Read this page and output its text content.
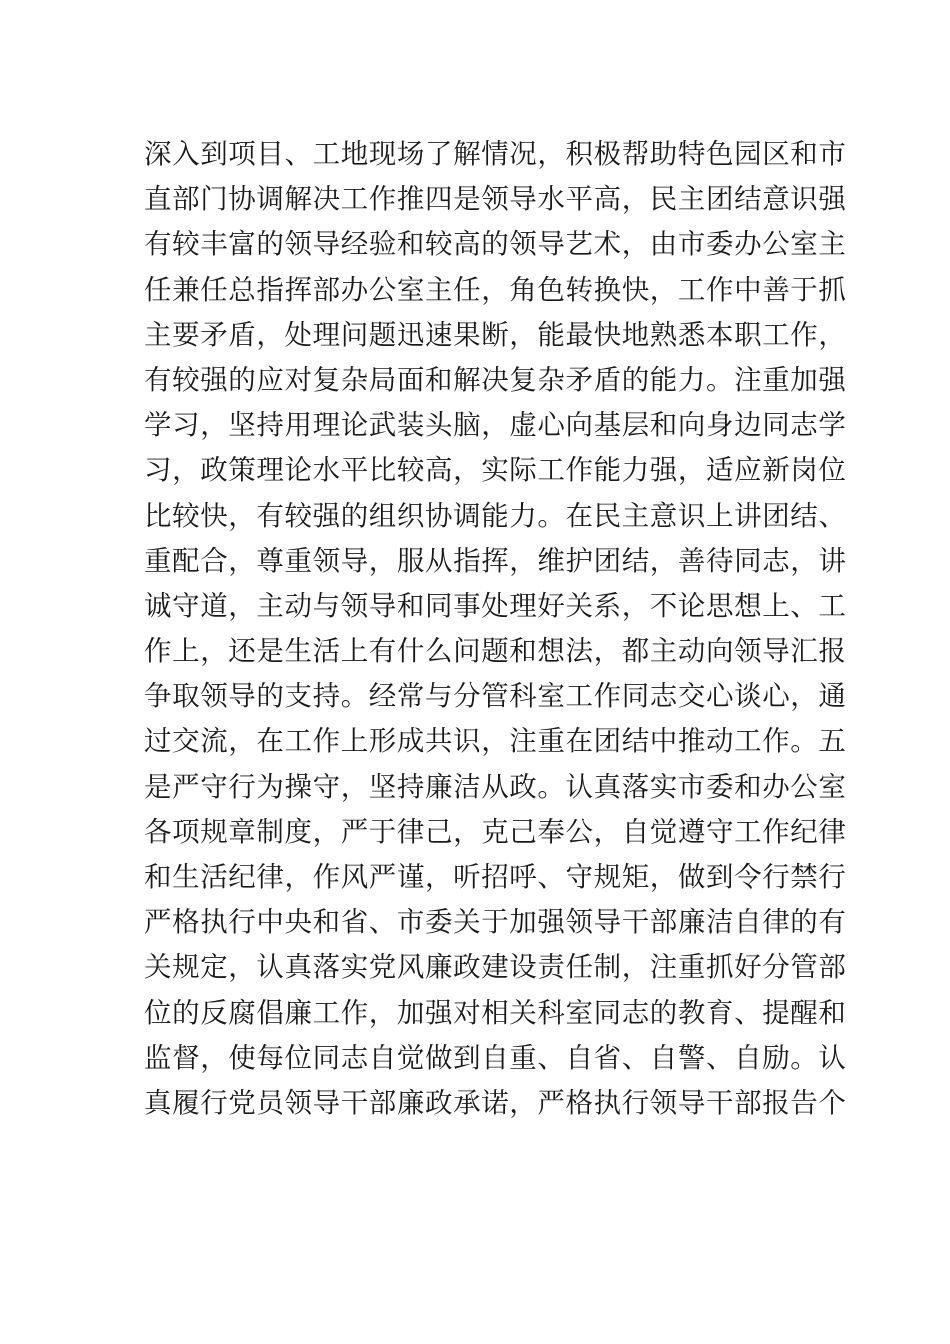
深入到项目、工地现场了解情况，积极帮助特色园区和市
直部门协调解决工作推四是领导水平高，民主团结意识强
有较丰富的领导经验和较高的领导艺术，由市委办公室主
任兼任总指挥部办公室主任，角色转换快，工作中善于抓
主要矛盾，处理问题迅速果断，能最快地熟悉本职工作，
有较强的应对复杂局面和解决复杂矛盾的能力。注重加强
学习，坚持用理论武装头脑，虚心向基层和向身边同志学
习，政策理论水平比较高，实际工作能力强，适应新岗位
比较快，有较强的组织协调能力。在民主意识上讲团结、
重配合，尊重领导，服从指挥，维护团结，善待同志，讲
诚守道，主动与领导和同事处理好关系，不论思想上、工
作上，还是生活上有什么问题和想法，都主动向领导汇报
争取领导的支持。经常与分管科室工作同志交心谈心，通
过交流，在工作上形成共识，注重在团结中推动工作。五
是严守行为操守，坚持廉洁从政。认真落实市委和办公室
各项规章制度，严于律己，克己奉公，自觉遵守工作纪律
和生活纪律，作风严谨，听招呼、守规矩，做到令行禁行
严格执行中央和省、市委关于加强领导干部廉洁自律的有
关规定，认真落实党风廉政建设责任制，注重抓好分管部
位的反腐倡廉工作，加强对相关科室同志的教育、提醒和
监督，使每位同志自觉做到自重、自省、自警、自励。认
真履行党员领导干部廉政承诺，严格执行领导干部报告个
